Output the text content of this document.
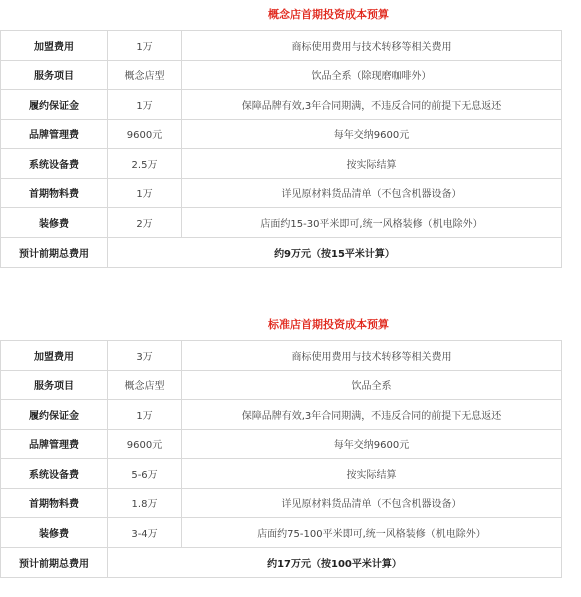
概念店首期投资成本预算
加盟费用	1万	商标使用费用与技术转移等相关费用
服务项目	概念店型	饮品全系（除现磨咖啡外）
履约保证金	1万	保障品牌有效,3年合同期满，不违反合同的前提下无息返还
品牌管理费	9600元	每年交纳9600元
系统设备费	2.5万	按实际结算
首期物料费	1万	详见原材料货品清单（不包含机器设备）
装修费	2万	店面约15-30平米即可,统一风格装修（机电除外）
预计前期总费用	约9万元（按15平米计算）	
标准店首期投资成本预算
加盟费用	3万	商标使用费用与技术转移等相关费用
服务项目	概念店型	饮品全系
履约保证金	1万	保障品牌有效,3年合同期满，不违反合同的前提下无息返还
品牌管理费	9600元	每年交纳9600元
系统设备费	5-6万	按实际结算
首期物料费	1.8万	详见原材料货品清单（不包含机器设备）
装修费	3-4万	店面约75-100平米即可,统一风格装修（机电除外）
预计前期总费用	约17万元（按100平米计算）	
